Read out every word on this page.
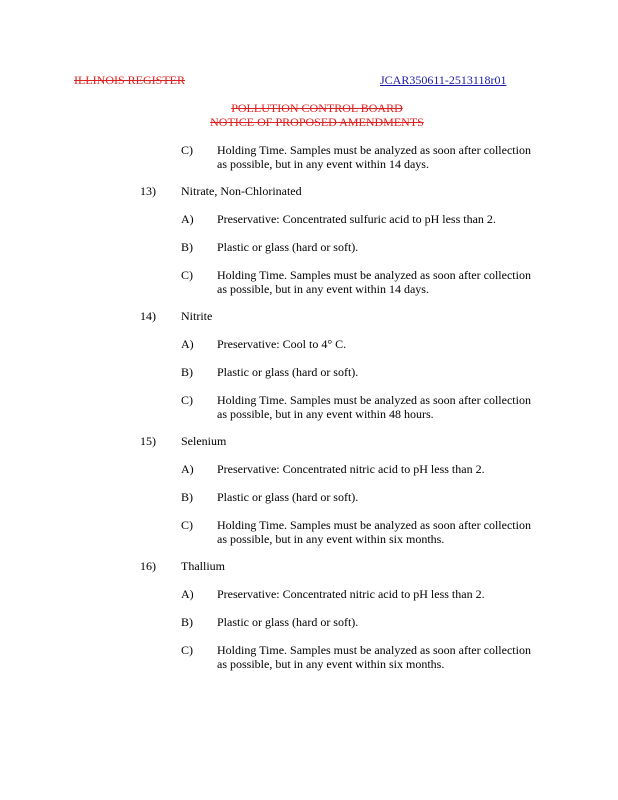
ILLINOIS REGISTER	JCAR350611-2513118r01
POLLUTION CONTROL BOARD
NOTICE OF PROPOSED AMENDMENTS
C) Holding Time. Samples must be analyzed as soon after collection
as possible, but in any event within 14 days.
13) Nitrate, Non-Chlorinated
A) Preservative: Concentrated sulfuric acid to pH less than 2.
B) Plastic or glass (hard or soft).
C) Holding Time. Samples must be analyzed as soon after collection
as possible, but in any event within 14 days.
14) Nitrite
A) Preservative: Cool to 4° C.
B) Plastic or glass (hard or soft).
C) Holding Time. Samples must be analyzed as soon after collection
as possible, but in any event within 48 hours.
15) Selenium
A) Preservative: Concentrated nitric acid to pH less than 2.
B) Plastic or glass (hard or soft).
C) Holding Time. Samples must be analyzed as soon after collection
as possible, but in any event within six months.
16) Thallium
A) Preservative: Concentrated nitric acid to pH less than 2.
B) Plastic or glass (hard or soft).
C) Holding Time. Samples must be analyzed as soon after collection
as possible, but in any event within six months.
